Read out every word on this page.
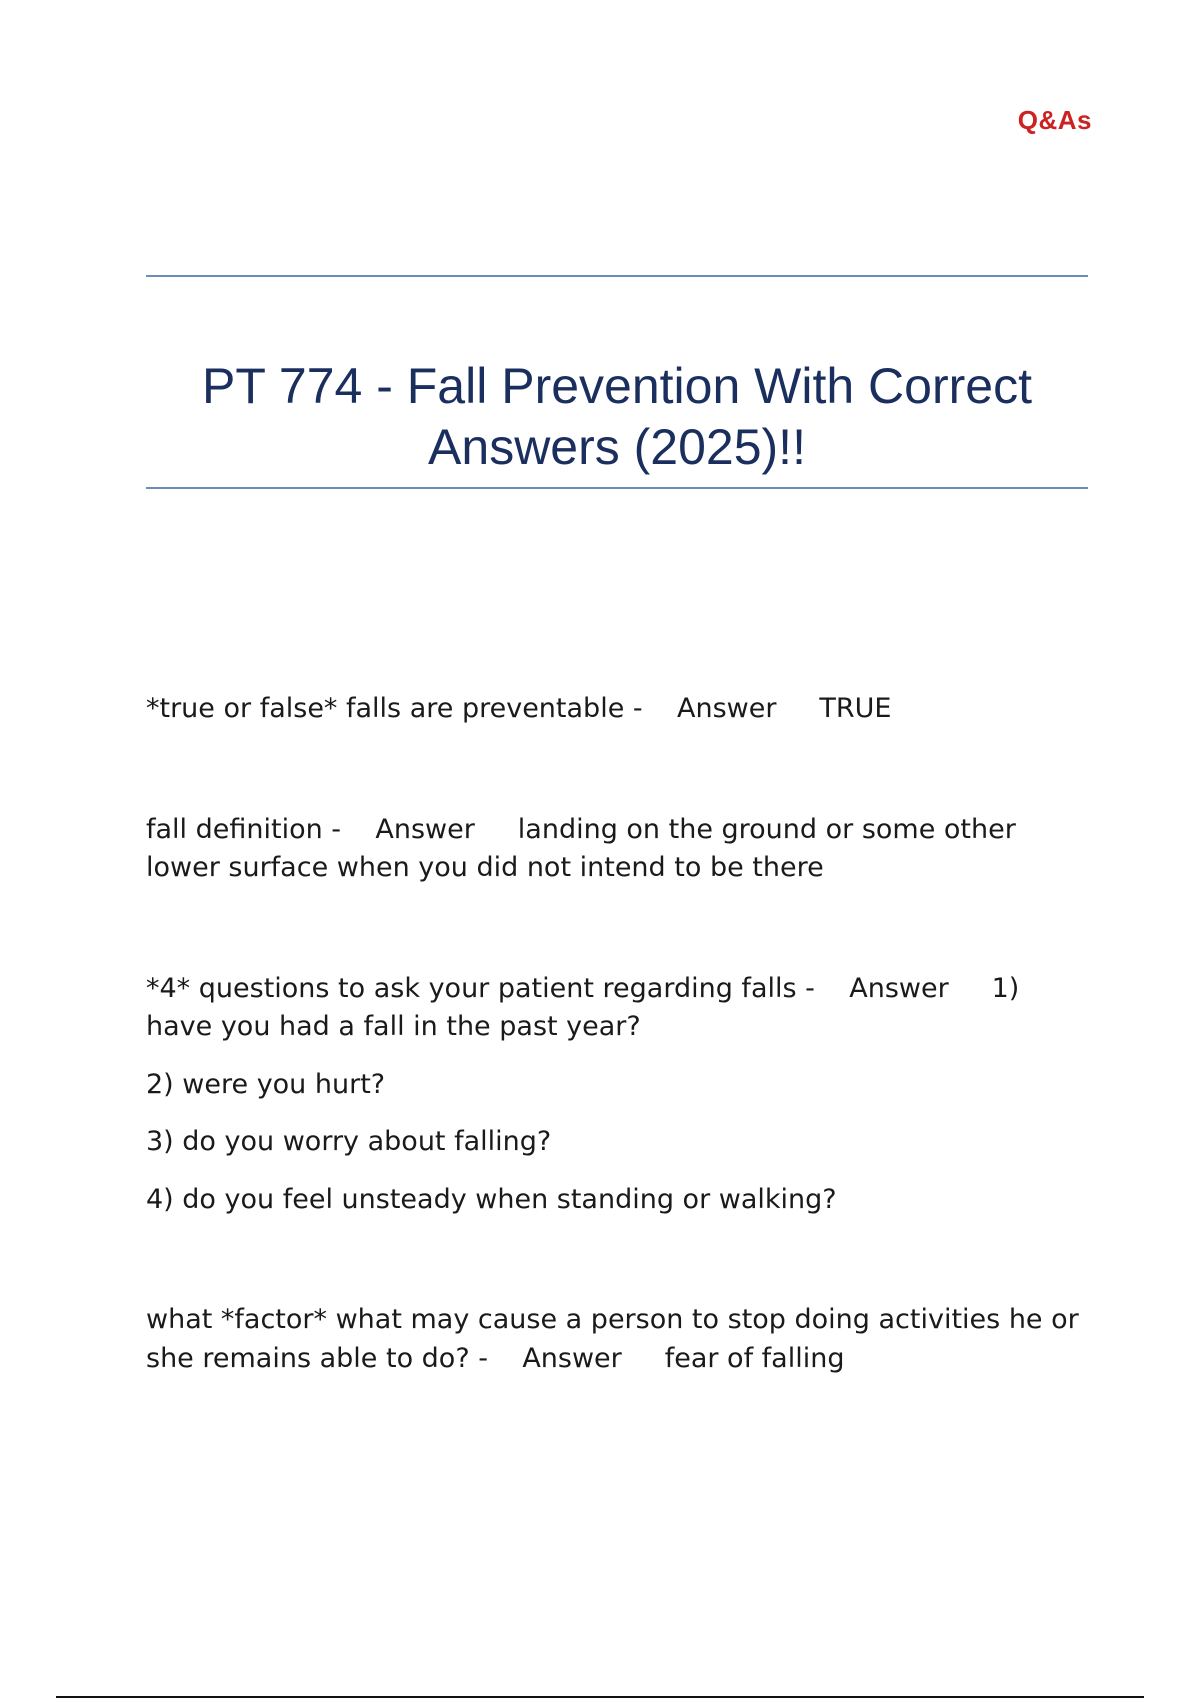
Q&As
PT 774 - Fall Prevention With Correct Answers (2025)!!

*true or false* falls are preventable - Answer TRUE

fall definition - Answer landing on the ground or some other lower surface when you did not intend to be there

*4* questions to ask your patient regarding falls - Answer 1) have you had a fall in the past year?

2) were you hurt?

3) do you worry about falling?

4) do you feel unsteady when standing or walking?

what *factor* what may cause a person to stop doing activities he or she remains able to do? - Answer fear of falling
